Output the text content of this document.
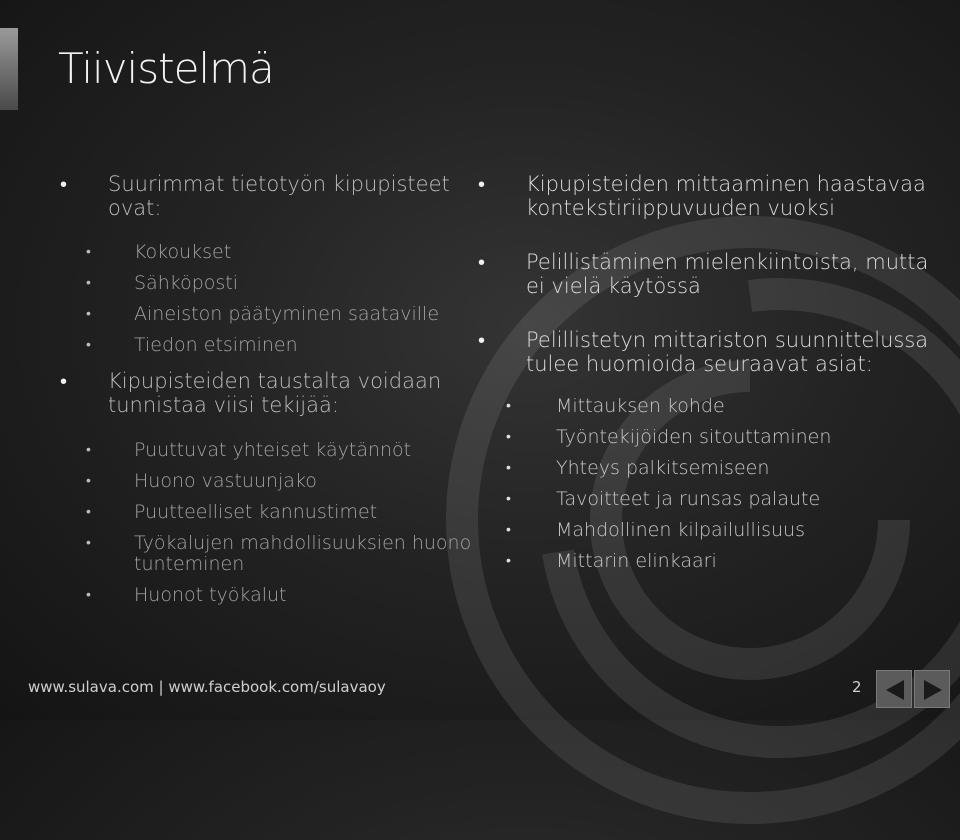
Tiivistelmä
• Suurimmat tietotyön kipupisteet ovat:
• Kokoukset
• Sähköposti
• Aineiston päätyminen saataville
• Tiedon etsiminen
• Kipupisteiden taustalta voidaan tunnistaa viisi tekijää:
• Puuttuvat yhteiset käytännöt
• Huono vastuunjako
• Puutteelliset kannustimet
• Työkalujen mahdollisuuksien huono tunteminen
• Huonot työkalut
• Kipupisteiden mittaaminen haastavaa kontekstiriippuvuuden vuoksi
• Pelillistäminen mielenkiintoista, mutta ei vielä käytössä
• Pelillistetyn mittariston suunnittelussa tulee huomioida seuraavat asiat:
• Mittauksen kohde
• Työntekijöiden sitouttaminen
• Yhteys palkitsemiseen
• Tavoitteet ja runsas palaute
• Mahdollinen kilpailullisuus
• Mittarin elinkaari
www.sulava.com | www.facebook.com/sulavaoy	2
